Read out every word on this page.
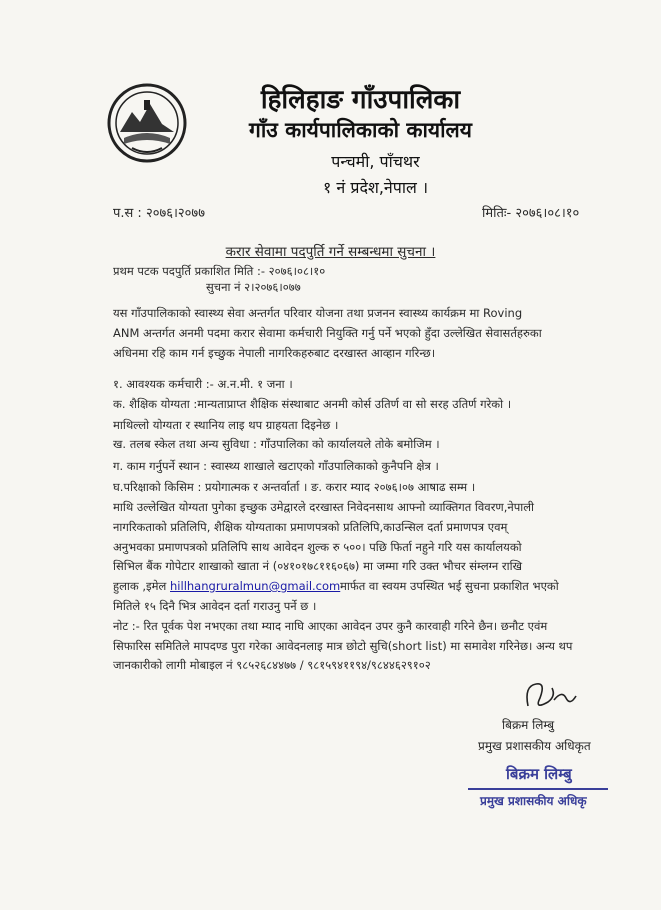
हिलिहाङ गाँउपालिका
गाँउ कार्यपालिकाको कार्यालय
पन्चमी, पाँचथर
१ नं प्रदेश,नेपाल ।
प.स : २०७६।२०७७	मितिः- २०७६।०८।१०
करार सेवामा पदपुर्ति गर्ने सम्बन्धमा सुचना ।
प्रथम पटक पदपुर्ति प्रकाशित मिति :- २०७६।०८।१०
सुचना नं २।२०७६।०७७
यस गाँउपालिकाको स्वास्थ्य सेवा अन्तर्गत परिवार योजना तथा प्रजनन स्वास्थ्य कार्यक्रम मा Roving
ANM अन्तर्गत अनमी पदमा करार सेवामा कर्मचारी नियुक्ति गर्नु पर्ने भएको हुँदा उल्लेखित सेवासर्तहरुका
अधिनमा रहि काम गर्न इच्छुक नेपाली नागरिकहरुबाट दरखास्त आव्हान गरिन्छ।
१. आवश्यक कर्मचारी :- अ.न.मी. १ जना ।
क. शैक्षिक योग्यता :मान्यताप्राप्त शैक्षिक संस्थाबाट अनमी कोर्स उतिर्ण वा सो सरह उतिर्ण गरेको ।
माथिल्लो योग्यता र स्थानिय लाइ थप ग्राहयता दिइनेछ ।
ख. तलब स्केल तथा अन्य सुविधा : गाँउपालिका को कार्यालयले तोके बमोजिम ।
ग. काम गर्नुपर्ने स्थान : स्वास्थ्य शाखाले खटाएको गाँउपालिकाको कुनैपनि क्षेत्र ।
घ.परिक्षाको किसिम : प्रयोगात्मक र अन्तर्वार्ता । ङ. करार म्याद २०७६।०७ आषाढ सम्म ।
माथि उल्लेखित योग्यता पुगेका इच्छुक उमेद्वारले दरखास्त निवेदनसाथ आफ्नो व्याक्तिगत विवरण,नेपाली
नागरिकताको प्रतिलिपि, शैक्षिक योग्यताका प्रमाणपत्रको प्रतिलिपि,काउन्सिल दर्ता प्रमाणपत्र एवम्
अनुभवका प्रमाणपत्रको प्रतिलिपि साथ आवेदन शुल्क रु ५००। पछि फिर्ता नहुने गरि यस कार्यालयको
सिभिल बैंक गोपेटार शाखाको खाता नं (०४१०१७८११६०६७) मा जम्मा गरि उक्त भौचर संम्लग्न राखि
हुलाक ,इमेल hillhangruralmun@gmail.com मार्फत वा स्वयम उपस्थित भई सुचना प्रकाशित भएको
मितिले १५ दिनै भित्र आवेदन दर्ता गराउनु पर्ने छ ।
नोट :- रित पूर्वक पेश नभएका तथा म्याद नाघि आएका आवेदन उपर कुनै कारवाही गरिने छैन। छनौट एवंम
सिफारिस समितिले मापदण्ड पुरा गरेका आवेदनलाइ मात्र छोटो सुचि(short list) मा समावेश गरिनेछ। अन्य थप
जानकारीको लागी मोबाइल नं ९८५२६८४४७७ / ९८१५९४११९४/९८४४६२९१०२
बिक्रम लिम्बु
प्रमुख प्रशासकीय अधिकृत
बिक्रम लिम्बु
प्रमुख प्रशासकीय अधिकृ
